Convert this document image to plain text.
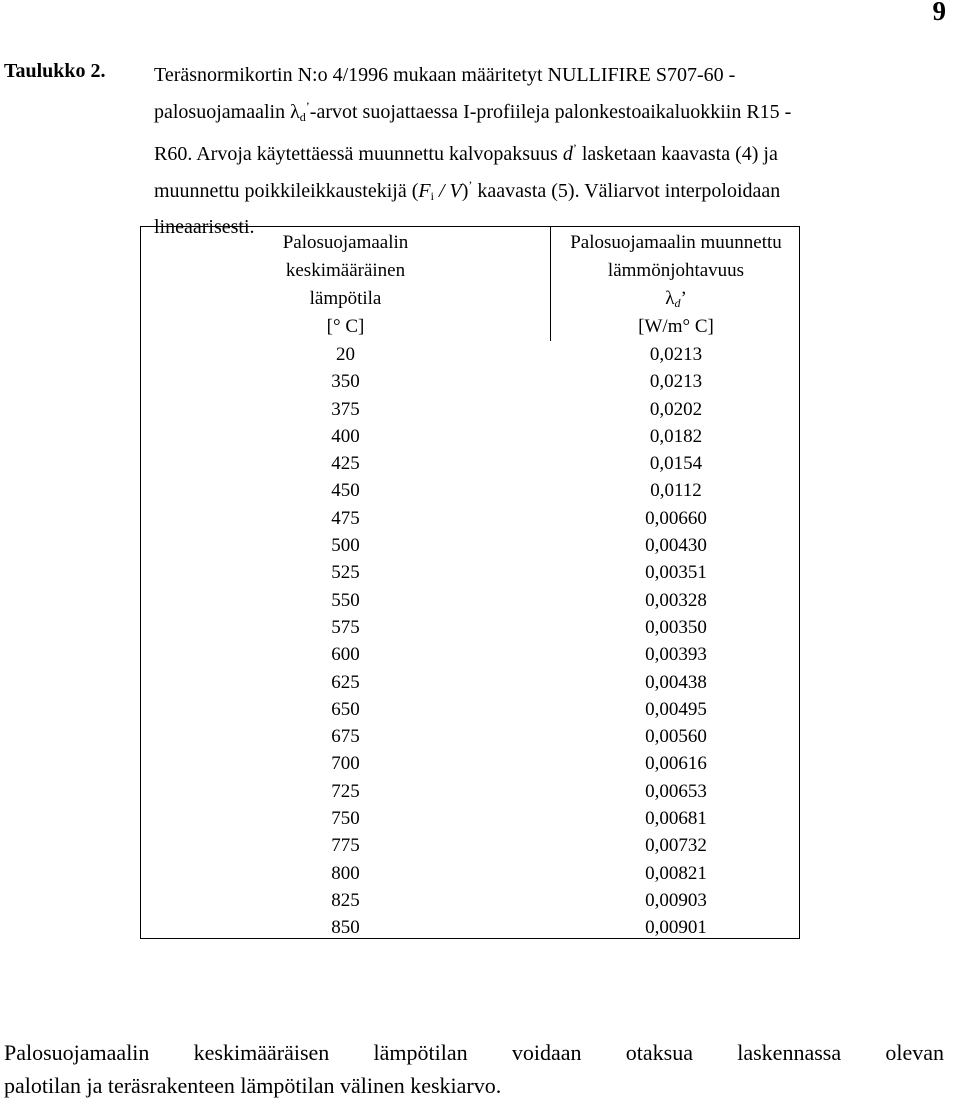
9
Taulukko 2. Teräsnormikortin N:o 4/1996 mukaan määritetyt NULLIFIRE S707-60 -
palosuojamaalin $\lambda_d^’$-arvot suojattaessa I-profiileja palonkestoaikaluokkiin R15 -
R60. Arvoja käytettäessä muunnettu kalvopaksuus d’ lasketaan kaavasta (4) ja
muunnettu poikkileikkaustekijä $(F_i / V)^’$ kaavasta (5). Väliarvot interpoloidaan
lineaarisesti.
Palosuojamaalin
keskimääräinen
lämpötila
[° C]
20
350
375
400
425
450
475
500
525
550
575
600
625
650
675
700
725
750
775
800
825
850
Palosuojamaalin muunnettu
lämmönjohtavuus
λd’
[W/m° C]
0,0213
0,0213
0,0202
0,0182
0,0154
0,0112
0,00660
0,00430
0,00351
0,00328
0,00350
0,00393
0,00438
0,00495
0,00560
0,00616
0,00653
0,00681
0,00732
0,00821
0,00903
0,00901
Palosuojamaalin keskimääräisen lämpötilan voidaan otaksua laskennassa olevan
palotilan ja teräsrakenteen lämpötilan välinen keskiarvo.
